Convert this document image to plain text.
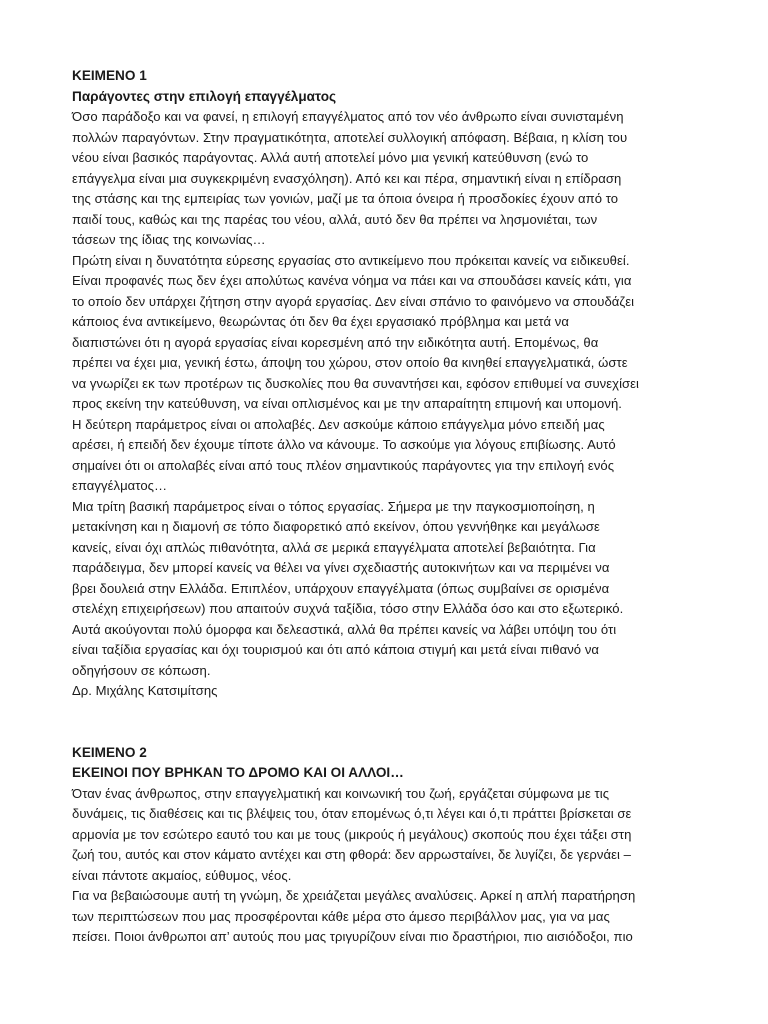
ΚΕΙΜΕΝΟ 1

Παράγοντες στην επιλογή επαγγέλματος

Όσο παράδοξο και να φανεί, η επιλογή επαγγέλματος από τον νέο άνθρωπο είναι συνισταμένη
πολλών παραγόντων. Στην πραγματικότητα, αποτελεί συλλογική απόφαση. Βέβαια, η κλίση του
νέου είναι βασικός παράγοντας. Αλλά αυτή αποτελεί μόνο μια γενική κατεύθυνση (ενώ το
επάγγελμα είναι μια συγκεκριμένη ενασχόληση). Από κει και πέρα, σημαντική είναι η επίδραση
της στάσης και της εμπειρίας των γονιών, μαζί με τα όποια όνειρα ή προσδοκίες έχουν από το
παιδί τους, καθώς και της παρέας του νέου, αλλά, αυτό δεν θα πρέπει να λησμονιέται, των
τάσεων της ίδιας της κοινωνίας…
Πρώτη είναι η δυνατότητα εύρεσης εργασίας στο αντικείμενο που πρόκειται κανείς να ειδικευθεί.
Είναι προφανές πως δεν έχει απολύτως κανένα νόημα να πάει και να σπουδάσει κανείς κάτι, για
το οποίο δεν υπάρχει ζήτηση στην αγορά εργασίας. Δεν είναι σπάνιο το φαινόμενο να σπουδάζει
κάποιος ένα αντικείμενο, θεωρώντας ότι δεν θα έχει εργασιακό πρόβλημα και μετά να
διαπιστώνει ότι η αγορά εργασίας είναι κορεσμένη από την ειδικότητα αυτή. Επομένως, θα
πρέπει να έχει μια, γενική έστω, άποψη του χώρου, στον οποίο θα κινηθεί επαγγελματικά, ώστε
να γνωρίζει εκ των προτέρων τις δυσκολίες που θα συναντήσει και, εφόσον επιθυμεί να συνεχίσει
προς εκείνη την κατεύθυνση, να είναι οπλισμένος και με την απαραίτητη επιμονή και υπομονή.
Η δεύτερη παράμετρος είναι οι απολαβές. Δεν ασκούμε κάποιο επάγγελμα μόνο επειδή μας
αρέσει, ή επειδή δεν έχουμε τίποτε άλλο να κάνουμε. Το ασκούμε για λόγους επιβίωσης. Αυτό
σημαίνει ότι οι απολαβές είναι από τους πλέον σημαντικούς παράγοντες για την επιλογή ενός
επαγγέλματος…
Μια τρίτη βασική παράμετρος είναι ο τόπος εργασίας. Σήμερα με την παγκοσμιοποίηση, η
μετακίνηση και η διαμονή σε τόπο διαφορετικό από εκείνον, όπου γεννήθηκε και μεγάλωσε
κανείς, είναι όχι απλώς πιθανότητα, αλλά σε μερικά επαγγέλματα αποτελεί βεβαιότητα. Για
παράδειγμα, δεν μπορεί κανείς να θέλει να γίνει σχεδιαστής αυτοκινήτων και να περιμένει να
βρει δουλειά στην Ελλάδα. Επιπλέον, υπάρχουν επαγγέλματα (όπως συμβαίνει σε ορισμένα
στελέχη επιχειρήσεων) που απαιτούν συχνά ταξίδια, τόσο στην Ελλάδα όσο και στο εξωτερικό.
Αυτά ακούγονται πολύ όμορφα και δελεαστικά, αλλά θα πρέπει κανείς να λάβει υπόψη του ότι
είναι ταξίδια εργασίας και όχι τουρισμού και ότι από κάποια στιγμή και μετά είναι πιθανό να
οδηγήσουν σε κόπωση.

Δρ. Μιχάλης Κατσιμίτσης

ΚΕΙΜΕΝΟ 2

ΕΚΕΙΝΟΙ ΠΟΥ ΒΡΗΚΑΝ ΤΟ ΔΡΟΜΟ ΚΑΙ ΟΙ ΑΛΛΟΙ…

Όταν ένας άνθρωπος, στην επαγγελματική και κοινωνική του ζωή, εργάζεται σύμφωνα με τις
δυνάμεις, τις διαθέσεις και τις βλέψεις του, όταν επομένως ό,τι λέγει και ό,τι πράττει βρίσκεται σε
αρμονία με τον εσώτερο εαυτό του και με τους (μικρούς ή μεγάλους) σκοπούς που έχει τάξει στη
ζωή του, αυτός και στον κάματο αντέχει και στη φθορά: δεν αρρωσταίνει, δε λυγίζει, δε γερνάει –
είναι πάντοτε ακμαίος, εύθυμος, νέος.
Για να βεβαιώσουμε αυτή τη γνώμη, δε χρειάζεται μεγάλες αναλύσεις. Αρκεί η απλή παρατήρηση
των περιπτώσεων που μας προσφέρονται κάθε μέρα στο άμεσο περιβάλλον μας, για να μας
πείσει. Ποιοι άνθρωποι απ’ αυτούς που μας τριγυρίζουν είναι πιο δραστήριοι, πιο αισιόδοξοι, πιο
